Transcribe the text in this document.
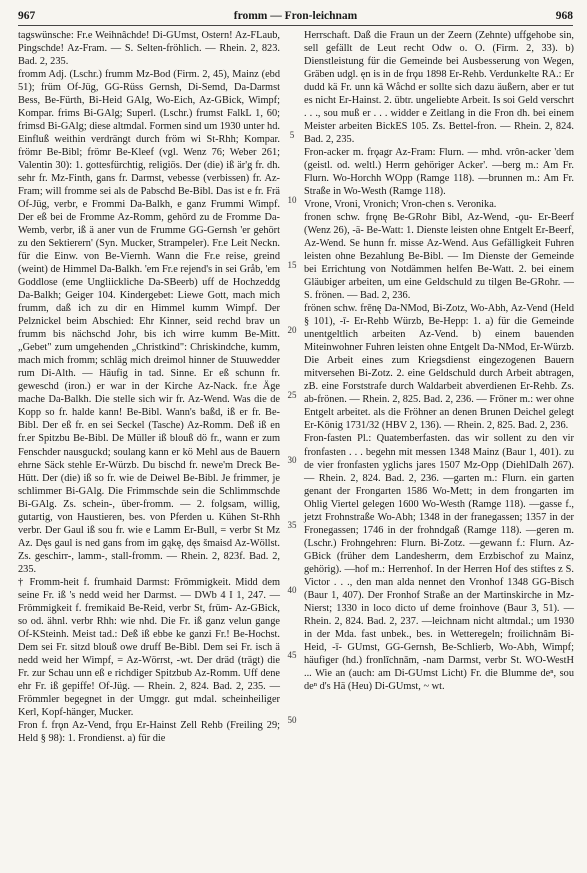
967	fromm — Fron-leichnam	968

tagswünsche: Fr.e Weihnâchde! Di-GUmst, Ostern! Az-FLaub, Pingschde! Az-Fram. — S. Selten-fröhlich. — Rhein. 2, 823. Bad. 2, 235.

fromm Adj. (Lschr.) frumm Mz-Bod (Firm. 2, 45), Mainz (ebd 51); früm Of-Jüg, GG-Rüss Gernsh, Di-Semd, Da-Darmst Bess, Be-Fürth, Bi-Heid GAlg, Wo-Eich, Az-GBick, Wimpf; Kompar. frims Bi-GAlg; Superl. (Lschr.) frumst FalkL 1, 60; frimsd Bi-GAlg; diese altmdal. Formen sind um 1930 unter hd. Einfluß weithin verdrängt durch fröm wi St-Rhh; Kompar. frömr Be-Bibl; frömr Be-Kleef (vgl. Wenz 76; Weber 261; Valentin 30): 1. gottesfürchtig, religiös. Der (die) iß är'g fr. dh. sehr fr. Mz-Finth, gans fr. Darmst, vebesse (verbissen) fr. Az-Fram; will fromme sei als de Pabschd Be-Bibl. Das ist e fr. Frä Of-Jüg, verbr, e Frommi Da-Balkh, e ganz Frummi Wimpf. Der eß bei de Fromme Az-Romm, gehörd zu de Fromme Da-Wemb, verbr, iß ä aner vun de Frumme GG-Gernsh 'er gehört zu den Sektierern' (Syn. Mucker, Strampeler). Fr.e Leit Neckn. für die Einw. von Be-Viernh. Wann die Fr.e reise, greind (weint) de Himmel Da-Balkh. 'em Fr.e rejend's in sei Gråb, 'em Goddlose (eme Ungliickliche Da-SBeerb) uff de Hochzeddg Da-Balkh; Geiger 104. Kindergebet: Liewe Gott, mach mich frumm, daß ich zu dir en Himmel kumm Wimpf. Der Pelznickel beim Abschied: Ehr Kinner, seid rechd brav un frumm bis nächschd Johr, bis ich wirre kumm Be-Mitt. „Gebet" zum umgehenden „Christkind": Chriskindche, kumm, mach mich fromm; schläg mich dreimol hinner de Stuuwedder rum Di-Alth. — Häufig in tad. Sinne. Er eß schunn fr. geweschd (iron.) er war in der Kirche Az-Nack. fr.e Äge mache Da-Balkh. Die stelle sich wir fr. Az-Wend. Was die de Kopp so fr. halde kann! Be-Bibl. Wann's baßd, iß er fr. Be-Bibl. Der eß fr. en sei Seckel (Tasche) Az-Romm. Deß iß en fr.er Spitzbu Be-Bibl. De Müller iß blouß dö fr., wann er zum Fenschder nausguckd; soulang kann er kö Mehl aus de Bauern ehrne Säck stehle Er-Würzb. Du bischd fr. newe'm Dreck Be-Hütt. Der (die) iß so fr. wie de Deiwel Be-Bibl. Je frimmer, je schlimmer Bi-GAlg. Die Frimmschde sein die Schlimmschde Bi-GAlg. Zs. schein-, über-fromm. — 2. folgsam, willig, gutartig, von Haustieren, bes. von Pferden u. Kühen St-Rhh verbr. Der Gaul iß sou fr. wie e Lamm Er-Bull, = verbr St Mz Az. Dęs gaul is ned gans from im gąkę, dęs šmaisd Az-Wöllst. Zs. geschirr-, lamm-, stall-fromm. — Rhein. 2, 823f. Bad. 2, 235.

† Fromm-heit f. frumhaid Darmst: Frömmigkeit. Midd dem seine Fr. iß 's nedd weid her Darmst. — DWb 4 I 1, 247. — Frömmigkeit f. fremikaid Be-Reid, verbr St, früm- Az-GBick, so od. ähnl. verbr Rhh: wie nhd. Die Fr. iß ganz velun gange Of-KSteinh. Meist tad.: Deß iß ebbe ke ganzi Fr.! Be-Hochst. Dem sei Fr. sitzd blouß owe druff Be-Bibl. Dem sei Fr. isch ä nedd weid her Wimpf, = Az-Wörrst, -wt. Der dräd (trägt) die Fr. zur Schau unn eß e richdiger Spitzbub Az-Romm. Uff dene ehr Fr. iß gepiffe! Of-Jüg. — Rhein. 2, 824. Bad. 2, 235. — Frömmler begegnet in der Umggr. gut mdal. scheinheiliger Kerl, Kopf-hänger, Mucker.

Fron f. frǫn Az-Vend, frǫu Er-Hainst Zell Rehb (Freiling 29; Held § 98): 1. Frondienst. a) für die

5
10
15
20
25
30
35
40
45
50

Herrschaft. Daß die Fraun un der Zeern (Zehnte) uffgehobe sin, sell gefällt de Leut recht Odw o. O. (Firm. 2, 33). b) Dienstleistung für die Gemeinde bei Ausbesserung von Wegen, Gräben udgl. ęn is in de frǫu 1898 Er-Rehb. Verdunkelte RA.: Er dudd kä Fr. unn kä Wåchd er sollte sich dazu äußern, aber er tut es nicht Er-Hainst. 2. übtr. ungeliebte Arbeit. Is soi Geld verschrt . . ., sou muß er . . . widder e Zeitlang in die Fron dh. bei einem Meister arbeiten BickES 105. Zs. Bettel-fron. — Rhein. 2, 824. Bad. 2, 235.

Fron-acker m. frǫagr Az-Fram: Flurn. — mhd. vrôn-acker 'dem (geistl. od. weltl.) Herrn gehöriger Acker'. —berg m.: Am Fr. Flurn. Wo-Horchh WOpp (Ramge 118). —brunnen m.: Am Fr. Straße in Wo-Westh (Ramge 118).

Vrone, Vroni, Vronich; Vron-chen s. Veronika.

fronen schw. frǫnę Be-GRohr Bibl, Az-Wend, -ǫu- Er-Beerf (Wenz 26), -ä- Be-Watt: 1. Dienste leisten ohne Entgelt Er-Beerf, Az-Wend. Se hunn fr. misse Az-Wend. Aus Gefälligkeit Fuhren leisten ohne Bezahlung Be-Bibl. — Im Dienste der Gemeinde bei Errichtung von Notdämmen helfen Be-Watt. 2. bei einem Gläubiger arbeiten, um eine Geldschuld zu tilgen Be-GRohr. — S. frönen. — Bad. 2, 236.

frönen schw. frēnę Da-NMod, Bi-Zotz, Wo-Abh, Az-Vend (Held § 101), -ī- Er-Rehb Würzb, Be-Hepp: 1. a) für die Gemeinde unentgeltlich arbeiten Az-Vend. b) einem bauenden Miteinwohner Fuhren leisten ohne Entgelt Da-NMod, Er-Würzb. Die Arbeit eines zum Kriegsdienst eingezogenen Bauern mitversehen Bi-Zotz. 2. eine Geldschuld durch Arbeit abtragen, zB. eine Forststrafe durch Waldarbeit abverdienen Er-Rehb. Zs. ab-frönen. — Rhein. 2, 825. Bad. 2, 236. — Fröner m.: wer ohne Entgelt arbeitet. als die Fröhner an denen Brunen Deichel gelegt Er-König 1731/32 (HBV 2, 136). — Rhein. 2, 825. Bad. 2, 236.

Fron-fasten Pl.: Quatemberfasten. das wir sollent zu den vir fronfasten . . . begehn mit messen 1348 Mainz (Baur 1, 401). zu de vier fronfasten yglichs jares 1507 Mz-Opp (DiehlDalh 267). — Rhein. 2, 824. Bad. 2, 236. —garten m.: Flurn. ein garten genant der Frongarten 1586 Wo-Mett; in dem frongarten im Ohlig Viertel gelegen 1600 Wo-Westh (Ramge 118). —gasse f., jetzt Frohnstraße Wo-Abh; 1348 in der franegassen; 1357 in der Fronegassen; 1746 in der frohndgaß (Ramge 118). —geren m. (Lschr.) Frohngehren: Flurn. Bi-Zotz. —gewann f.: Flurn. Az-GBick (früher dem Landesherrn, dem Erzbischof zu Mainz, gehörig). —hof m.: Herrenhof. In der Herren Hof des stiftes z S. Victor . . ., den man alda nennet den Vronhof 1348 GG-Bisch (Baur 1, 407). Der Fronhof Straße an der Martinskirche in Mz-Nierst; 1330 in loco dicto uf deme froinhove (Baur 3, 51). — Rhein. 2, 824. Bad. 2, 237. —leichnam nicht altmdal.; um 1930 in der Mda. fast unbek., bes. in Wetteregeln; froilichnâm Bi-Heid, -ī- GUmst, GG-Gernsh, Be-Schlierb, Wo-Abh, Wimpf; häufiger (hd.) fronlīchnām, -nam Darmst, verbr St. WO-WestH ... Wie an (auch: am Di-GUmst Licht) Fr. die Blumme deⁿ, sou deⁿ d's Hä (Heu) Di-GUmst, ~ wt.
